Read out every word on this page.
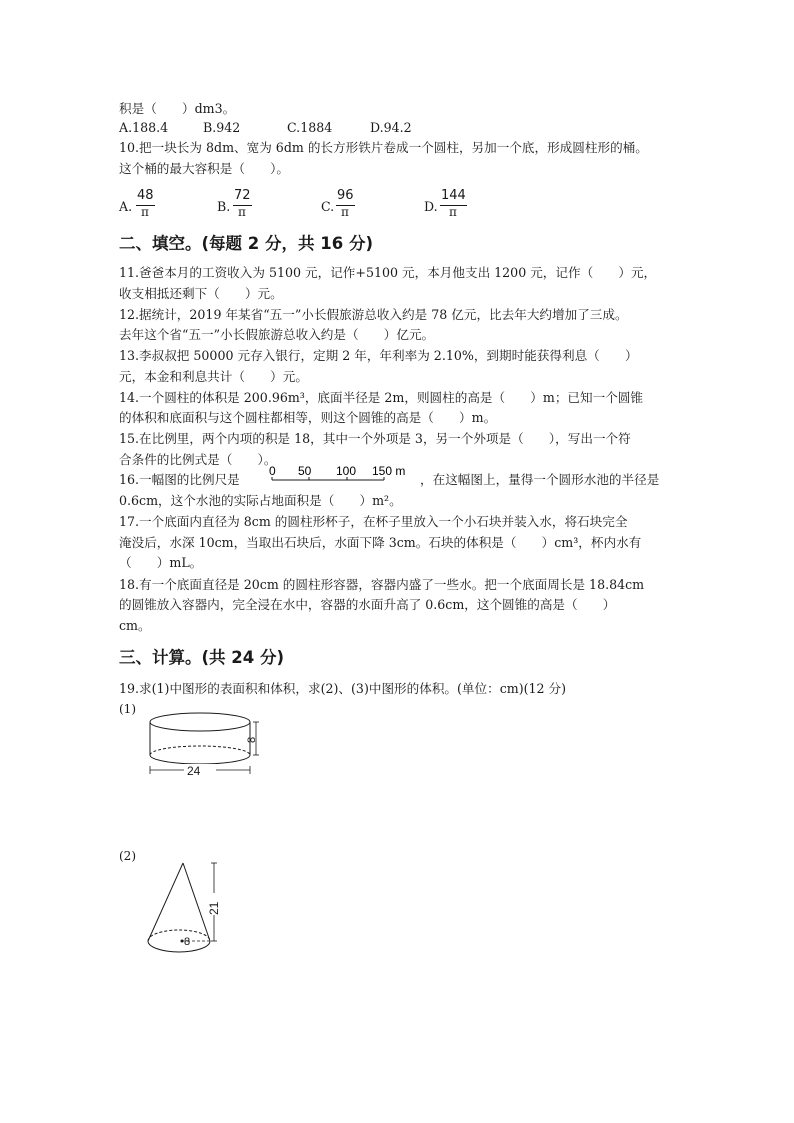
积是（　　）dm3。
A.188.4	B.942	C.1884	D.94.2
10.把一块长为 8dm、宽为 6dm 的长方形铁片卷成一个圆柱，另加一个底，形成圆柱形的桶。
这个桶的最大容积是（　　）。
A.
48
π	B.
72
π	C.
96
π	D.
144
π
二、填空。(每题 2 分，共 16 分)
11.爸爸本月的工资收入为 5100 元，记作+5100 元，本月他支出 1200 元，记作（　　）元，
收支相抵还剩下（　　）元。
12.据统计，2019 年某省“五一”小长假旅游总收入约是 78 亿元，比去年大约增加了三成。
去年这个省“五一”小长假旅游总收入约是（　　）亿元。
13.李叔叔把 50000 元存入银行，定期 2 年，年利率为 2.10%，到期时能获得利息（　　）
元，本金和利息共计（　　）元。
14.一个圆柱的体积是 200.96m³，底面半径是 2m，则圆柱的高是（　　）m；已知一个圆锥
的体积和底面积与这个圆柱都相等，则这个圆锥的高是（　　）m。
15.在比例里，两个内项的积是 18，其中一个外项是 3，另一个外项是（　　），写出一个符
合条件的比例式是（　　）。
16.一幅图的比例尺是
0 50 100 150 m
，在这幅图上，量得一个圆形水池的半径是
0.6cm，这个水池的实际占地面积是（　　）m²。
17.一个底面内直径为 8cm 的圆柱形杯子，在杯子里放入一个小石块并装入水，将石块完全
淹没后，水深 10cm，当取出石块后，水面下降 3cm。石块的体积是（　　）cm³，杯内水有
（　　）mL。
18.有一个底面直径是 20cm 的圆柱形容器，容器内盛了一些水。把一个底面周长是 18.84cm
的圆锥放入容器内，完全浸在水中，容器的水面升高了 0.6cm，这个圆锥的高是（　　）
cm。
三、计算。(共 24 分)
19.求(1)中图形的表面积和体积，求(2)、(3)中图形的体积。(单位：cm)(12 分)
(1)
8
24
(2)
8
21
